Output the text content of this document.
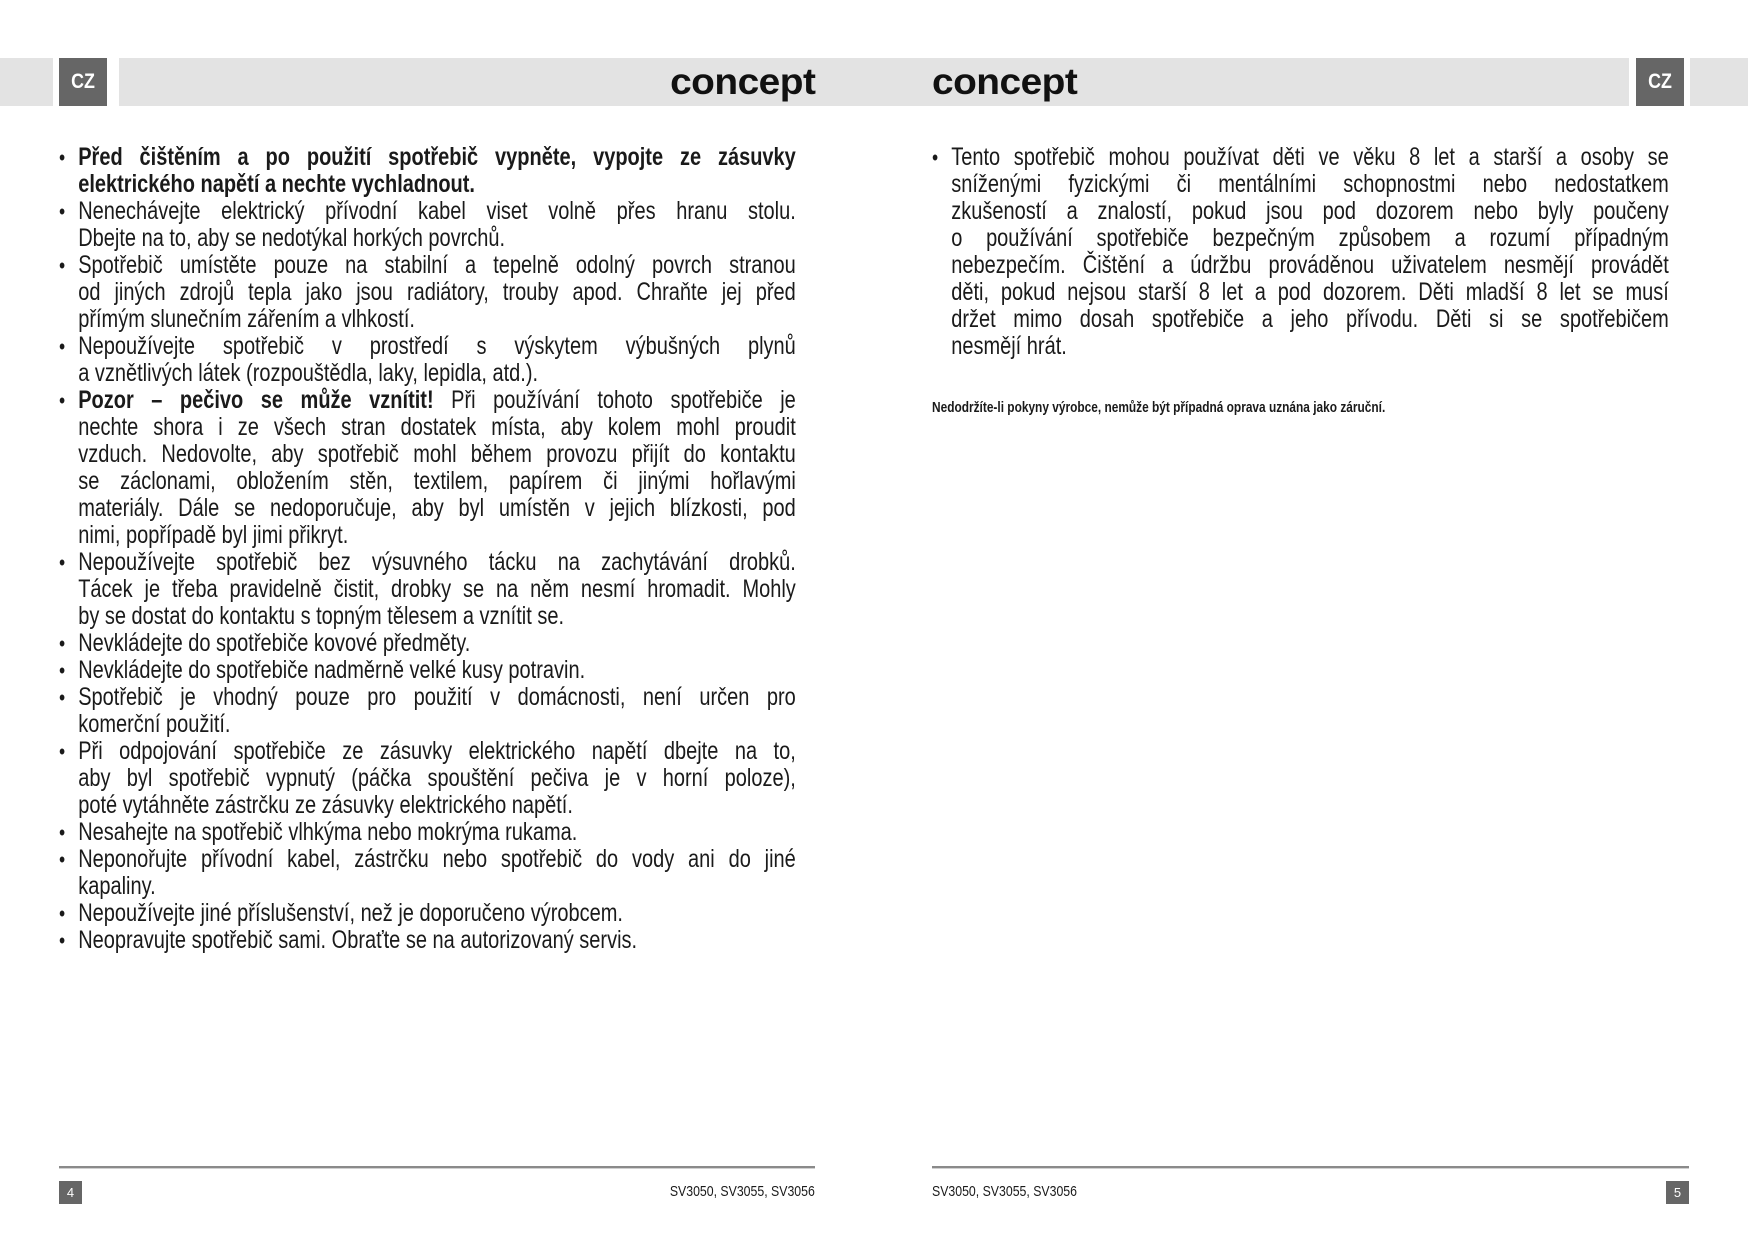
CZ	CZ
concept	concept
• Před čištěním a po použití spotřebič vypněte, vypojte ze zásuvky
elektrického napětí a nechte vychladnout.
• Nenechávejte elektrický přívodní kabel viset volně přes hranu stolu.
Dbejte na to, aby se nedotýkal horkých povrchů.
• Spotřebič umístěte pouze na stabilní a tepelně odolný povrch stranou
od jiných zdrojů tepla jako jsou radiátory, trouby apod. Chraňte jej před
přímým slunečním zářením a vlhkostí.
• Nepoužívejte spotřebič v prostředí s výskytem výbušných plynů
a vznětlivých látek (rozpouštědla, laky, lepidla, atd.).
• Pozor – pečivo se může vznítit! Při používání tohoto spotřebiče je
nechte shora i ze všech stran dostatek místa, aby kolem mohl proudit
vzduch. Nedovolte, aby spotřebič mohl během provozu přijít do kontaktu
se záclonami, obložením stěn, textilem, papírem či jinými hořlavými
materiály. Dále se nedoporučuje, aby byl umístěn v jejich blízkosti, pod
nimi, popřípadě byl jimi přikryt.
• Nepoužívejte spotřebič bez výsuvného tácku na zachytávání drobků.
Tácek je třeba pravidelně čistit, drobky se na něm nesmí hromadit. Mohly
by se dostat do kontaktu s topným tělesem a vznítit se.
• Nevkládejte do spotřebiče kovové předměty.
• Nevkládejte do spotřebiče nadměrně velké kusy potravin.
• Spotřebič je vhodný pouze pro použití v domácnosti, není určen pro
komerční použití.
• Při odpojování spotřebiče ze zásuvky elektrického napětí dbejte na to,
aby byl spotřebič vypnutý (páčka spouštění pečiva je v horní poloze),
poté vytáhněte zástrčku ze zásuvky elektrického napětí.
• Nesahejte na spotřebič vlhkýma nebo mokrýma rukama.
• Neponořujte přívodní kabel, zástrčku nebo spotřebič do vody ani do jiné
kapaliny.
• Nepoužívejte jiné příslušenství, než je doporučeno výrobcem.
• Neopravujte spotřebič sami. Obraťte se na autorizovaný servis.
• Tento spotřebič mohou používat děti ve věku 8 let a starší a osoby se
sníženými fyzickými či mentálními schopnostmi nebo nedostatkem
zkušeností a znalostí, pokud jsou pod dozorem nebo byly poučeny
o používání spotřebiče bezpečným způsobem a rozumí případným
nebezpečím. Čištění a údržbu prováděnou uživatelem nesmějí provádět
děti, pokud nejsou starší 8 let a pod dozorem. Děti mladší 8 let se musí
držet mimo dosah spotřebiče a jeho přívodu. Děti si se spotřebičem
nesmějí hrát.
Nedodržíte-li pokyny výrobce, nemůže být případná oprava uznána jako záruční.
4	5
SV3050, SV3055, SV3056	SV3050, SV3055, SV3056
